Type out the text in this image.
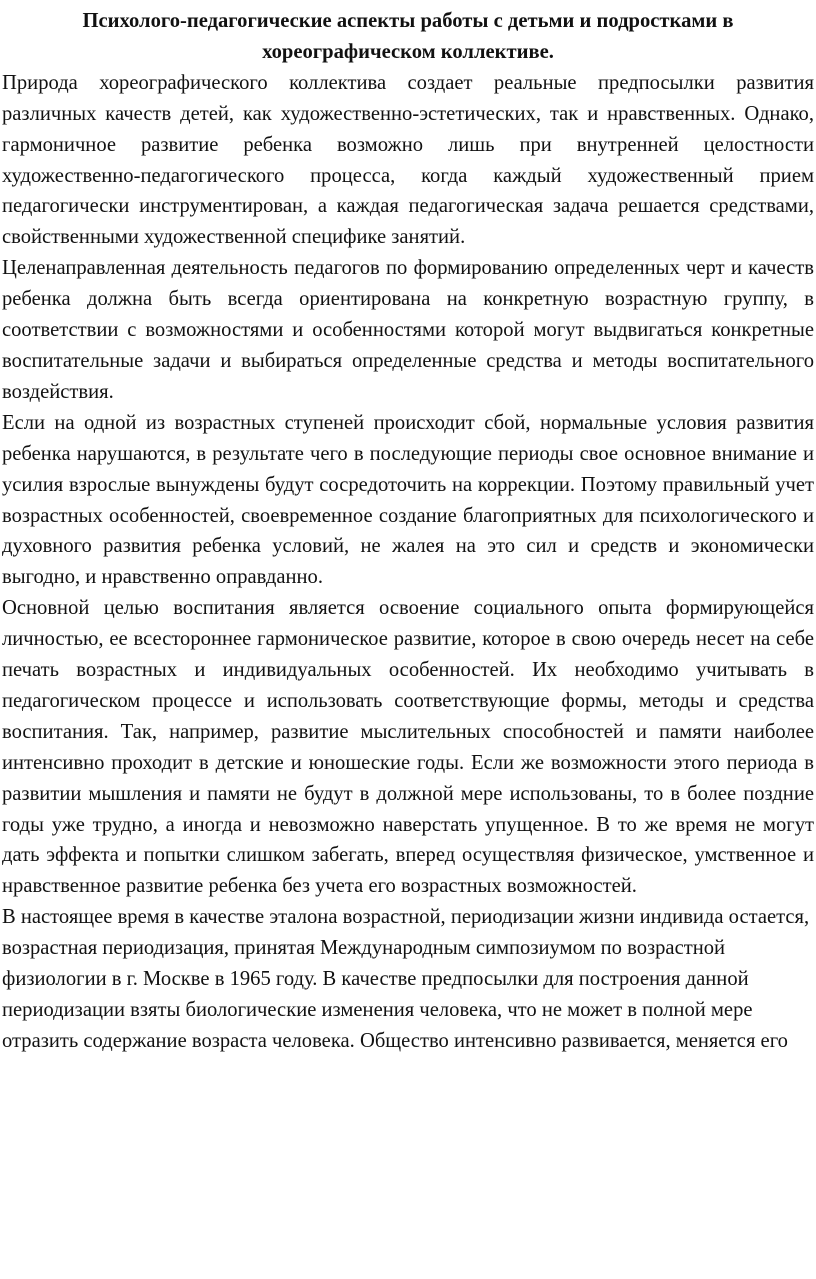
Психолого-педагогические аспекты работы с детьми и подростками в хореографическом коллективе.

Природа хореографического коллектива создает реальные предпосылки развития различных качеств детей, как художественно-эстетических, так и нравственных. Однако, гармоничное развитие ребенка возможно лишь при внутренней целостности художественно-педагогического процесса, когда каждый художественный прием педагогически инструментирован, а каждая педагогическая задача решается средствами, свойственными художественной специфике занятий.

Целенаправленная деятельность педагогов по формированию определенных черт и качеств ребенка должна быть всегда ориентирована на конкретную возрастную группу, в соответствии с возможностями и особенностями которой могут выдвигаться конкретные воспитательные задачи и выбираться определенные средства и методы воспитательного воздействия.

Если на одной из возрастных ступеней происходит сбой, нормальные условия развития ребенка нарушаются, в результате чего в последующие периоды свое основное внимание и усилия взрослые вынуждены будут сосредоточить на коррекции. Поэтому правильный учет возрастных особенностей, своевременное создание благоприятных для психологического и духовного развития ребенка условий, не жалея на это сил и средств и экономически выгодно, и нравственно оправданно.

Основной целью воспитания является освоение социального опыта формирующейся личностью, ее всестороннее гармоническое развитие, которое в свою очередь несет на себе печать возрастных и индивидуальных особенностей. Их необходимо учитывать в педагогическом процессе и использовать соответствующие формы, методы и средства воспитания. Так, например, развитие мыслительных способностей и памяти наиболее интенсивно проходит в детские и юношеские годы. Если же возможности этого периода в развитии мышления и памяти не будут в должной мере использованы, то в более поздние годы уже трудно, а иногда и невозможно наверстать упущенное. В то же время не могут дать эффекта и попытки слишком забегать, вперед осуществляя физическое, умственное и нравственное развитие ребенка без учета его возрастных возможностей.

В настоящее время в качестве эталона возрастной, периодизации жизни индивида остается, возрастная периодизация, принятая Международным симпозиумом по возрастной физиологии в г. Москве в 1965 году. В качестве предпосылки для построения данной периодизации взяты биологические изменения человека, что не может в полной мере отразить содержание возраста человека. Общество интенсивно развивается, меняется его
